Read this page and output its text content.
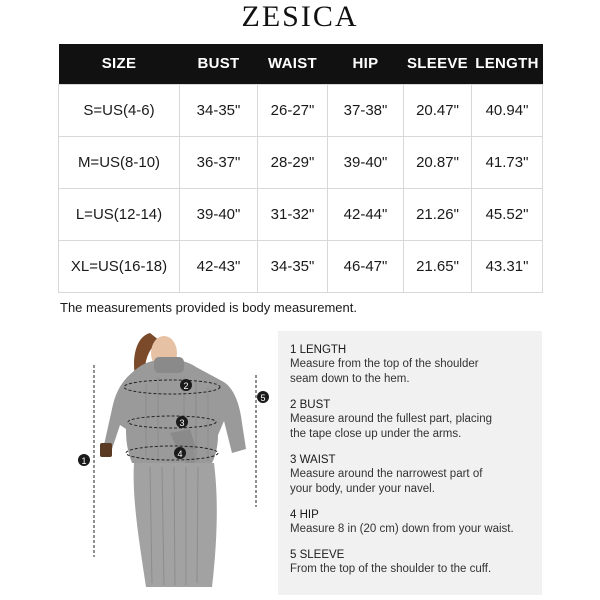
ZESICA
SIZE	BUST	WAIST	HIP	SLEEVE	LENGTH
S=US(4-6)	34-35"	26-27"	37-38"	20.47"	40.94"
M=US(8-10)	36-37"	28-29"	39-40"	20.87"	41.73"
L=US(12-14)	39-40"	31-32"	42-44"	21.26"	45.52"
XL=US(16-18)	42-43"	34-35"	46-47"	21.65"	43.31"
The measurements provided is body measurement.
1
2
3
4
5
1 LENGTH
Measure from the top of the shoulder
seam down to the hem.
2 BUST
Measure around the fullest part, placing
the tape close up under the arms.
3 WAIST
Measure around the narrowest part of
your body, under your navel.
4 HIP
Measure 8 in (20 cm) down from your waist.
5 SLEEVE
From the top of the shoulder to the cuff.
